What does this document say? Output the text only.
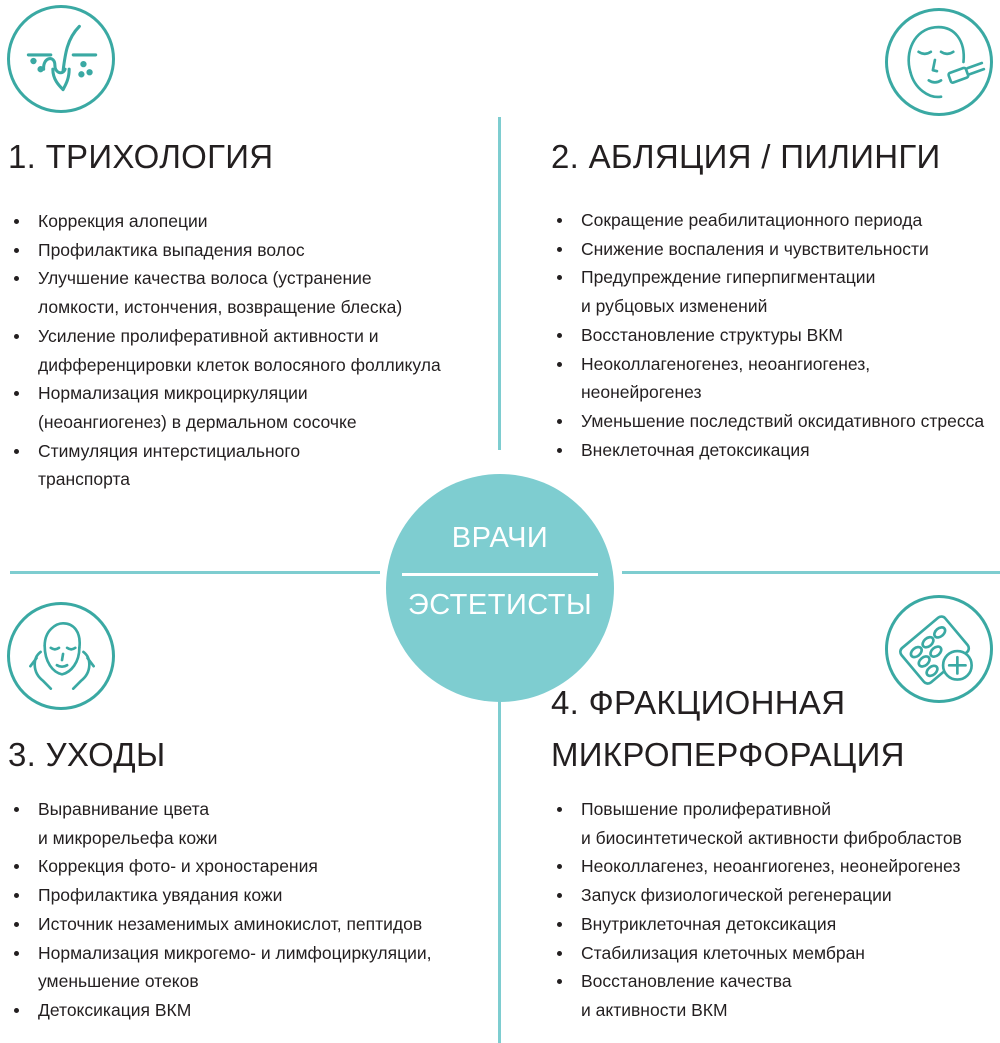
ВРАЧИ
ЭСТЕТИСТЫ
1. ТРИХОЛОГИЯ
Коррекция алопеции
Профилактика выпадения волос
Улучшение качества волоса (устранение
ломкости, истончения, возвращение блеска)
Усиление пролиферативной активности и
дифференцировки клеток волосяного фолликула
Нормализация микроциркуляции
(неоангиогенез) в дермальном сосочке
Стимуляция интерстициального
транспорта
2. АБЛЯЦИЯ / ПИЛИНГИ
Сокращение реабилитационного периода
Снижение воспаления и чувствительности
Предупреждение гиперпигментации
и рубцовых изменений
Восстановление структуры ВКМ
Неоколлагеногенез, неоангиогенез,
неонейрогенез
Уменьшение последствий оксидативного стресса
Внеклеточная детоксикация
3. УХОДЫ
Выравнивание цвета
и микрорельефа кожи
Коррекция фото- и хроностарения
Профилактика увядания кожи
Источник незаменимых аминокислот, пептидов
Нормализация микрогемо- и лимфоциркуляции,
уменьшение отеков
Детоксикация ВКМ
4. ФРАКЦИОННАЯ
МИКРОПЕРФОРАЦИЯ
Повышение пролиферативной
и биосинтетической активности фибробластов
Неоколлагенез, неоангиогенез, неонейрогенез
Запуск физиологической регенерации
Внутриклеточная детоксикация
Стабилизация клеточных мембран
Восстановление качества
и активности ВКМ
